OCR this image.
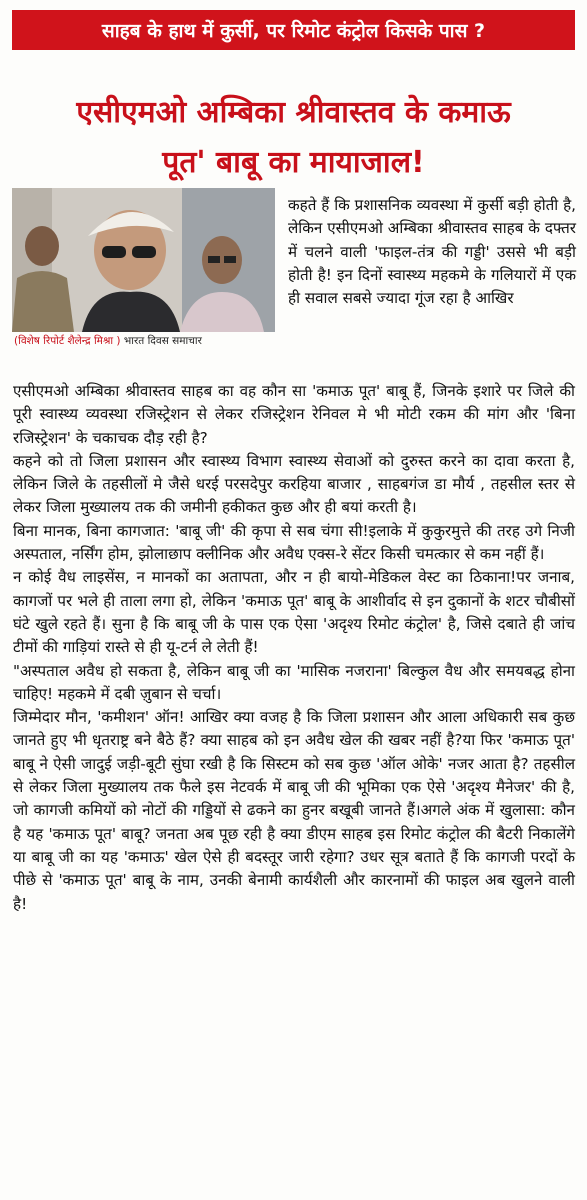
साहब के हाथ में कुर्सी, पर रिमोट कंट्रोल किसके पास ?
एसीएमओ अम्बिका श्रीवास्तव के कमाऊ
पूत' बाबू का मायाजाल!
(विशेष रिपोर्ट शैलेन्द्र मिश्रा ) भारत दिवस समाचार

कहते हैं कि प्रशासनिक व्यवस्था में कुर्सी बड़ी होती है, लेकिन एसीएमओ अम्बिका श्रीवास्तव साहब के दफ्तर में चलने वाली 'फाइल-तंत्र की गड्डी' उससे भी बड़ी होती है! इन दिनों स्वास्थ्य महकमे के गलियारों में एक ही सवाल सबसे ज्यादा गूंज रहा है आखिर

एसीएमओ अम्बिका श्रीवास्तव साहब का वह कौन सा 'कमाऊ पूत' बाबू हैं, जिनके इशारे पर जिले की पूरी स्वास्थ्य व्यवस्था रजिस्ट्रेशन से लेकर रजिस्ट्रेशन रेनिवल मे भी मोटी रकम की मांग और 'बिना रजिस्ट्रेशन' के चकाचक दौड़ रही है?

कहने को तो जिला प्रशासन और स्वास्थ्य विभाग स्वास्थ्य सेवाओं को दुरुस्त करने का दावा करता है, लेकिन जिले के तहसीलों मे जैसे धरई परसदेपुर करहिया बाजार , साहबगंज डा मौर्य , तहसील स्तर से लेकर जिला मुख्यालय तक की जमीनी हकीकत कुछ और ही बयां करती है।

बिना मानक, बिना कागजात: 'बाबू जी' की कृपा से सब चंगा सी!इलाके में कुकुरमुत्ते की तरह उगे निजी अस्पताल, नर्सिंग होम, झोलाछाप क्लीनिक और अवैध एक्स-रे सेंटर किसी चमत्कार से कम नहीं हैं।

न कोई वैध लाइसेंस, न मानकों का अतापता, और न ही बायो-मेडिकल वेस्ट का ठिकाना!पर जनाब, कागजों पर भले ही ताला लगा हो, लेकिन 'कमाऊ पूत' बाबू के आशीर्वाद से इन दुकानों के शटर चौबीसों घंटे खुले रहते हैं। सुना है कि बाबू जी के पास एक ऐसा 'अदृश्य रिमोट कंट्रोल' है, जिसे दबाते ही जांच टीमों की गाड़ियां रास्ते से ही यू-टर्न ले लेती हैं!

"अस्पताल अवैध हो सकता है, लेकिन बाबू जी का 'मासिक नजराना' बिल्कुल वैध और समयबद्ध होना चाहिए! महकमे में दबी ज़ुबान से चर्चा।

जिम्मेदार मौन, 'कमीशन' ऑन! आखिर क्या वजह है कि जिला प्रशासन और आला अधिकारी सब कुछ जानते हुए भी धृतराष्ट्र बने बैठे हैं? क्या साहब को इन अवैध खेल की खबर नहीं है?या फिर 'कमाऊ पूत' बाबू ने ऐसी जादुई जड़ी-बूटी सुंघा रखी है कि सिस्टम को सब कुछ 'ऑल ओके' नजर आता है? तहसील से लेकर जिला मुख्यालय तक फैले इस नेटवर्क में बाबू जी की भूमिका एक ऐसे 'अदृश्य मैनेजर' की है, जो कागजी कमियों को नोटों की गड्डियों से ढकने का हुनर बखूबी जानते हैं।अगले अंक में खुलासा: कौन है यह 'कमाऊ पूत' बाबू? जनता अब पूछ रही है क्या डीएम साहब इस रिमोट कंट्रोल की बैटरी निकालेंगे या बाबू जी का यह 'कमाऊ' खेल ऐसे ही बदस्तूर जारी रहेगा? उधर सूत्र बताते हैं कि कागजी परदों के पीछे से 'कमाऊ पूत' बाबू के नाम, उनकी बेनामी कार्यशैली और कारनामों की फाइल अब खुलने वाली है!
